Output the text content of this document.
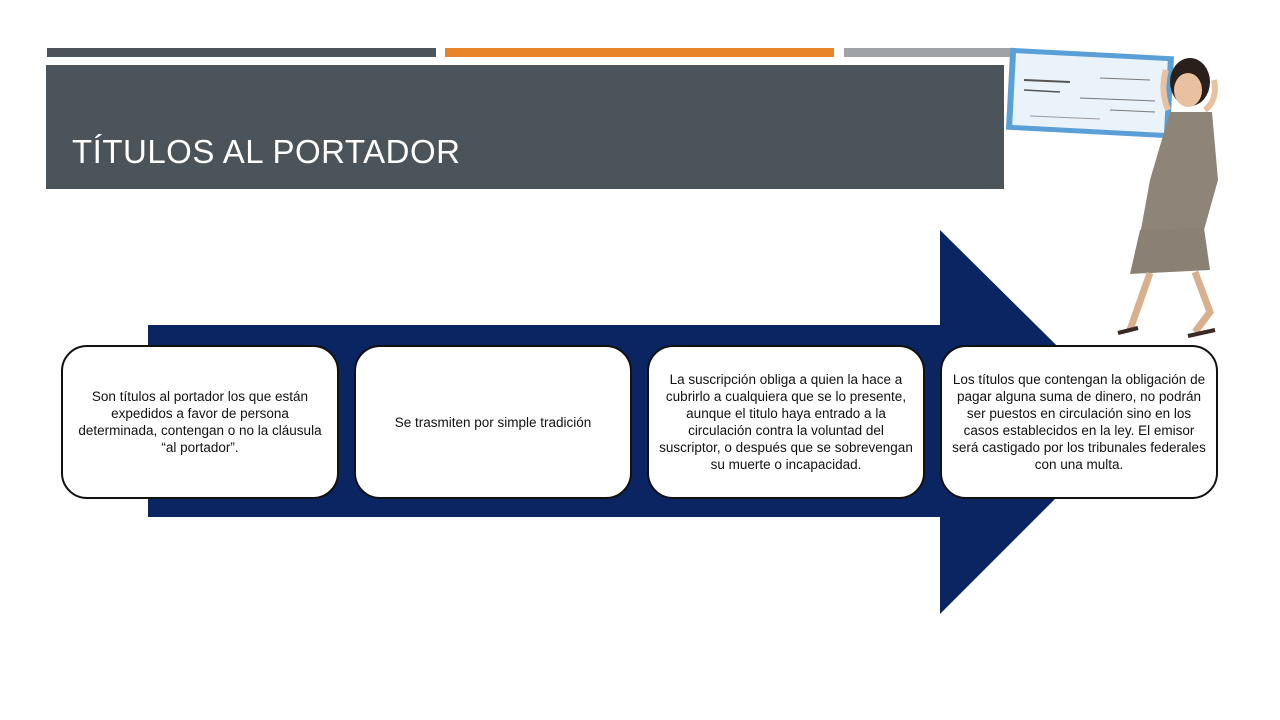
TÍTULOS AL PORTADOR
Son títulos al portador los que están expedidos a favor de persona determinada, contengan o no la cláusula “al portador”.
Se trasmiten por simple tradición
La suscripción obliga a quien la hace a cubrirlo a cualquiera que se lo presente, aunque el titulo haya entrado a la circulación contra la voluntad del suscriptor, o después que se sobrevengan su muerte o incapacidad.
Los títulos que contengan la obligación de pagar alguna suma de dinero, no podrán ser puestos en circulación sino en los casos establecidos en la ley. El emisor será castigado por los tribunales federales con una multa.
